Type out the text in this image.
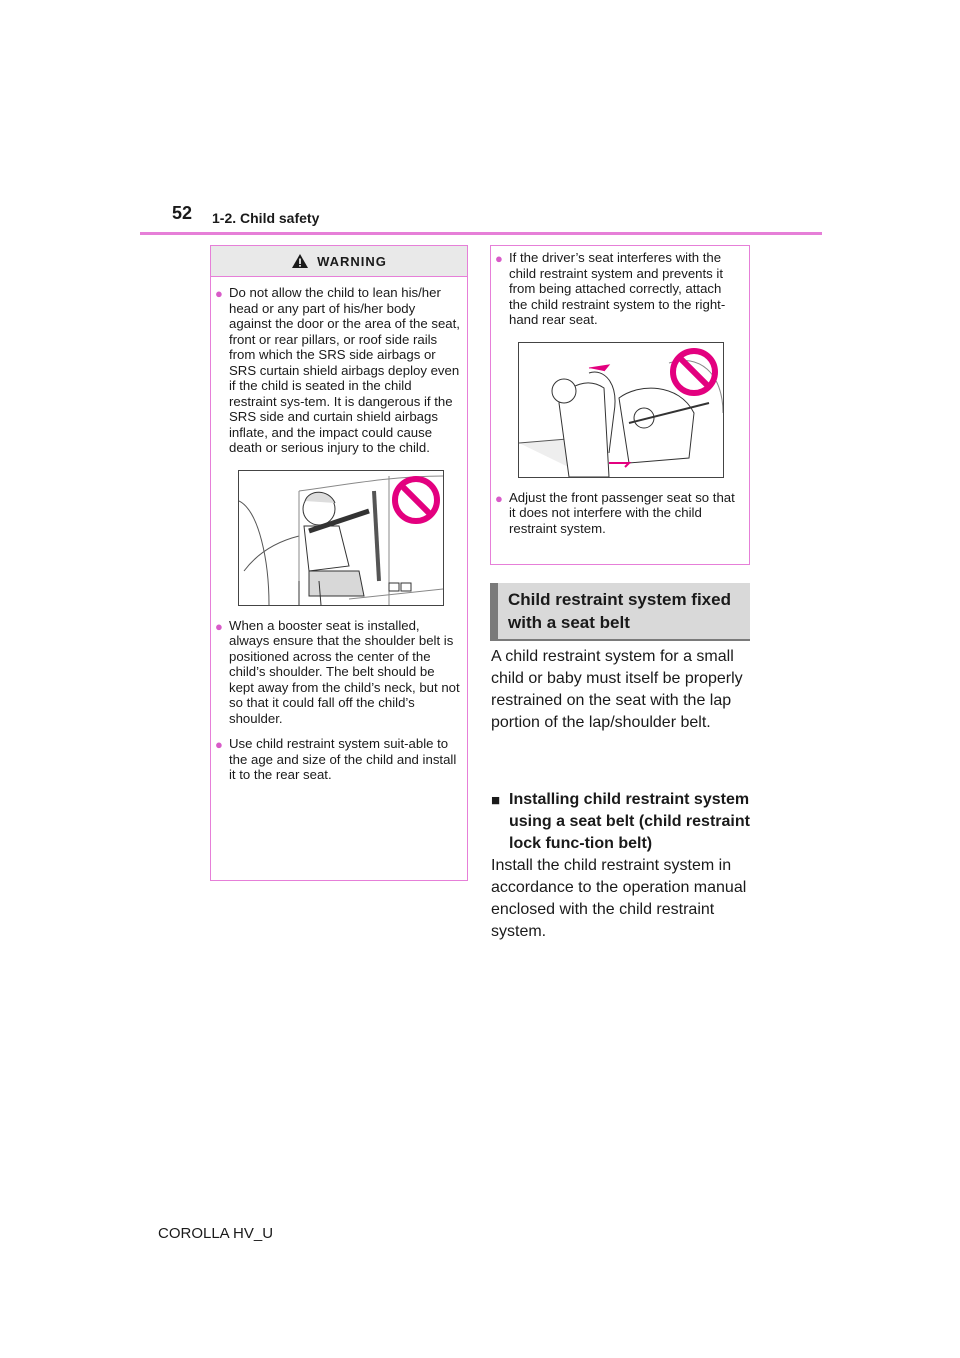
52 1-2. Child safety
WARNING
● Do not allow the child to lean his/her head or any part of his/her body against the door or the area of the seat, front or rear pillars, or roof side rails from which the SRS side airbags or SRS curtain shield airbags deploy even if the child is seated in the child restraint sys-tem. It is dangerous if the SRS side and curtain shield airbags inflate, and the impact could cause death or serious injury to the child.
● When a booster seat is installed, always ensure that the shoulder belt is positioned across the center of the child’s shoulder. The belt should be kept away from the child’s neck, but not so that it could fall off the child’s shoulder.
● Use child restraint system suit-able to the age and size of the child and install it to the rear seat.
● If the driver’s seat interferes with the child restraint system and prevents it from being attached correctly, attach the child restraint system to the right-hand rear seat.
● Adjust the front passenger seat so that it does not interfere with the child restraint system.
Child restraint system fixed with a seat belt
A child restraint system for a small child or baby must itself be properly restrained on the seat with the lap portion of the lap/shoulder belt.
■ Installing child restraint system using a seat belt (child restraint lock func-tion belt)
Install the child restraint system in accordance to the operation manual enclosed with the child restraint system.
COROLLA HV_U
